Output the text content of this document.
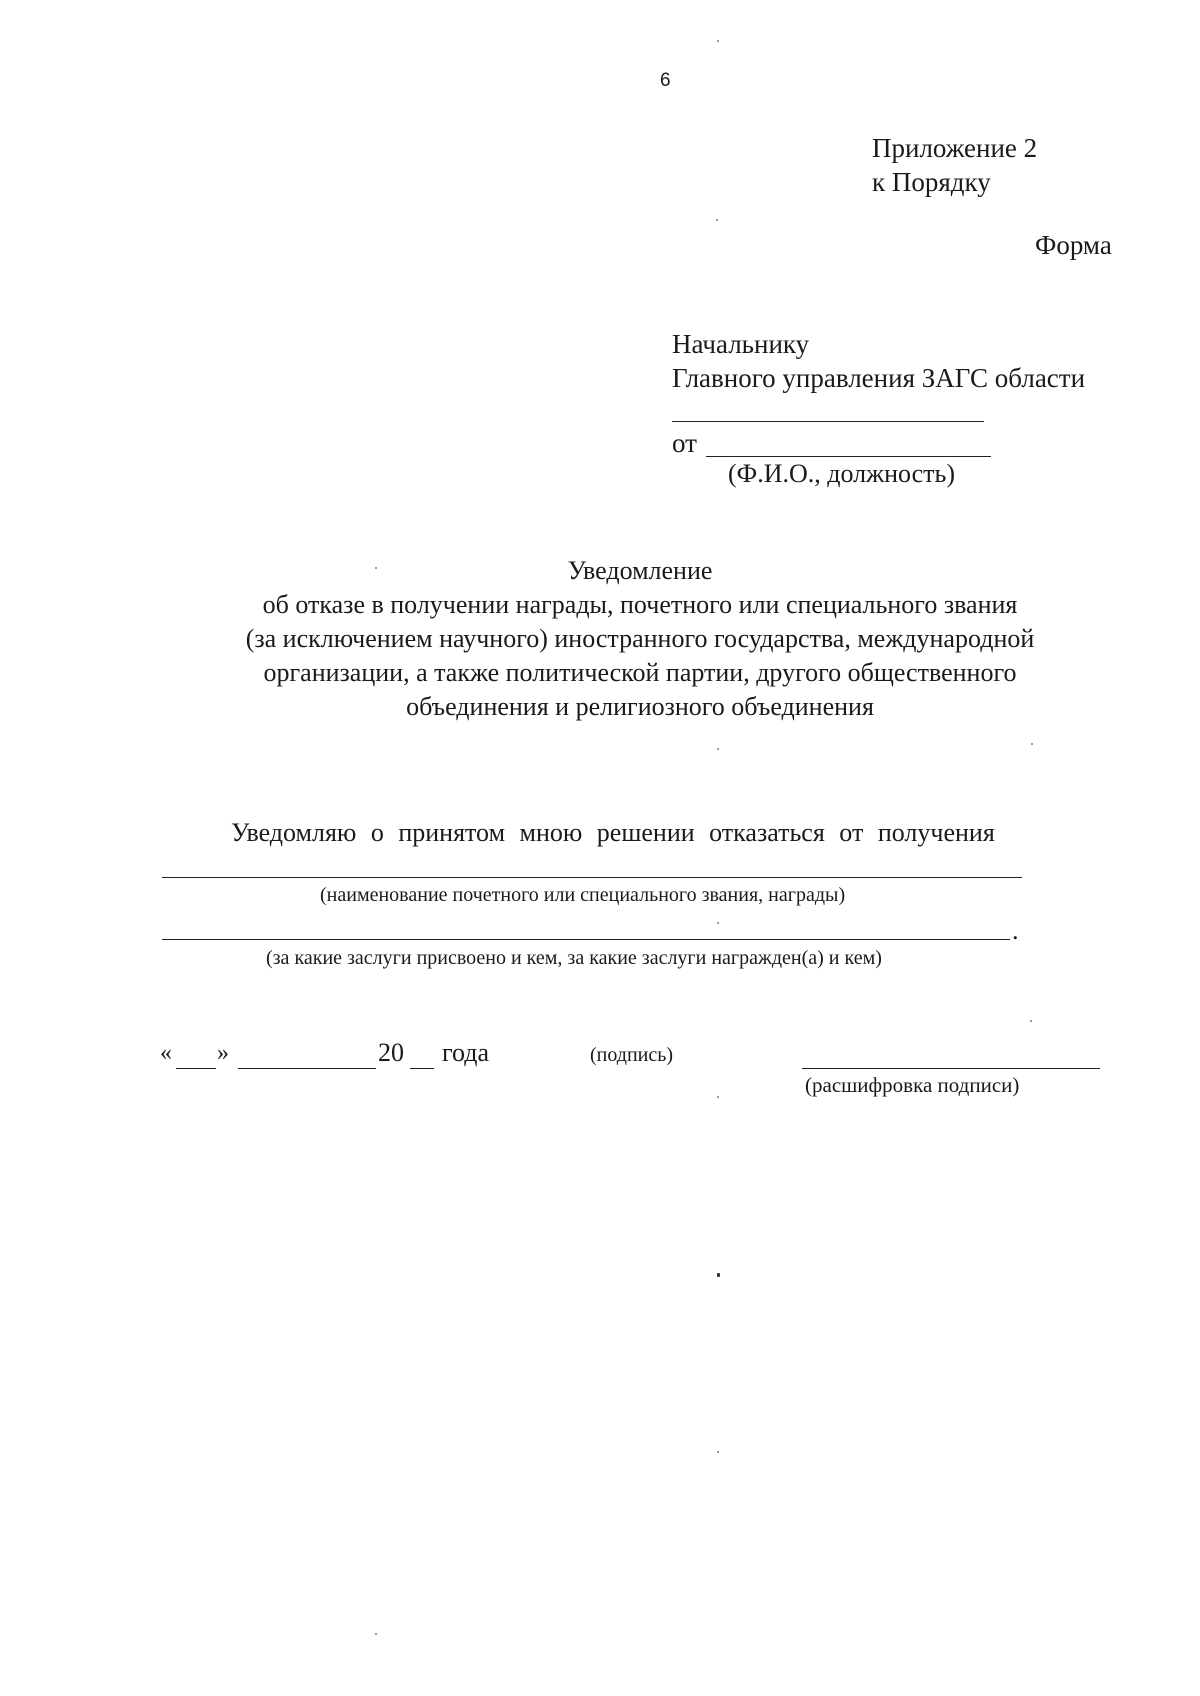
6
Приложение 2
к Порядку
Форма
Начальнику
Главного управления ЗАГС области
от
(Ф.И.О., должность)
Уведомление
об отказе в получении награды, почетного или специального звания
(за исключением научного) иностранного государства, международной
организации, а также политической партии, другого общественного
объединения и религиозного объединения
Уведомляю о принятом мною решении отказаться от получения
(наименование почетного или специального звания, награды)
.
(за какие заслуги присвоено и кем, за какие заслуги награжден(а) и кем)
« »	20 года	(подпись)
(расшифровка подписи)
